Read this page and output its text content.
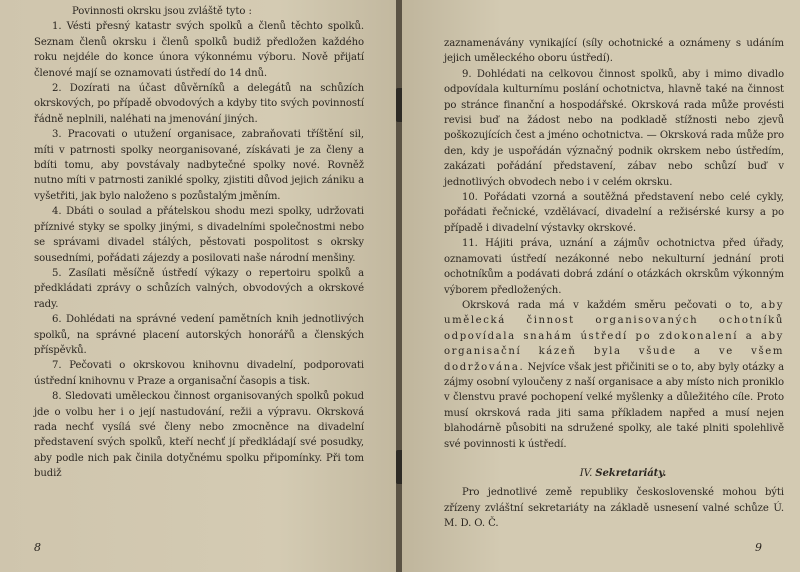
Povinnosti okrsku jsou zvláště tyto :

1. Vésti přesný katastr svých spolků a členů těchto spolků. Seznam členů okrsku i členů spolků budiž předložen každého roku nejdéle do konce února výkonnému výboru. Nově přijatí členové mají se oznamovati ústředí do 14 dnů.

2. Dozírati na účast důvěrníků a delegátů na schůzích okrskových, po případě obvodových a kdyby tito svých povinností řádně neplnili, naléhati na jmenování jiných.

3. Pracovati o utužení organisace, zabraňovati tříštění sil, míti v patrnosti spolky neorganisované, získávati je za členy a bdíti tomu, aby povstávaly nadbytečné spolky nové. Rovněž nutno míti v patrnosti zaniklé spolky, zjistiti důvod jejich zániku a vyšetřiti, jak bylo naloženo s pozůstalým jměním.

4. Dbáti o soulad a přátelskou shodu mezi spolky, udržovati příznivé styky se spolky jinými, s divadelními společnostmi nebo se správami divadel stálých, pěstovati pospolitost s okrsky sousedními, pořádati zájezdy a posilovati naše národní menšiny.

5. Zasílati měsíčně ústředí výkazy o repertoiru spolků a předkládati zprávy o schůzích valných, obvodových a okrskové rady.

6. Dohlédati na správné vedení pamětních knih jednotlivých spolků, na správné placení autorských honorářů a členských příspěvků.

7. Pečovati o okrskovou knihovnu divadelní, podporovati ústřední knihovnu v Praze a organisační časopis a tisk.

8. Sledovati uměleckou činnost organisovaných spolků pokud jde o volbu her i o její nastudování, režii a výpravu. Okrsková rada nechť vysílá své členy nebo zmocněnce na divadelní představení svých spolků, kteří nechť jí předkládají své posudky, aby podle nich pak činila dotyčnému spolku připomínky. Při tom budiž

8

zaznamenávány vynikající (síly ochotnické a oznámeny s udáním jejich uměleckého oboru ústředí).

9. Dohlédati na celkovou činnost spolků, aby i mimo divadlo odpovídala kulturnímu poslání ochotnictva, hlavně také na činnost po stránce finanční a hospodářské. Okrsková rada může provésti revisi buď na žádost nebo na podkladě stížnosti nebo zjevů poškozujících čest a jméno ochotnictva. — Okrsková rada může pro den, kdy je uspořádán význačný podnik okrskem nebo ústředím, zakázati pořádání představení, zábav nebo schůzí buď v jednotlivých obvodech nebo i v celém okrsku.

10. Pořádati vzorná a soutěžná představení nebo celé cykly, pořádati řečnické, vzdělávací, divadelní a režisérské kursy a po případě i divadelní výstavky okrskové.

11. Hájiti práva, uznání a zájmův ochotnictva před úřady, oznamovati ústředí nezákonné nebo nekulturní jednání proti ochotníkům a podávati dobrá zdání o otázkách okrskům výkonným výborem předložených.

Okrsková rada má v každém směru pečovati o to, aby umělecká činnost organisovaných ochotníků odpovídala snahám ústředí po zdokonalení a aby organisační kázeň byla všude a ve všem dodržována. Nejvíce však jest přičiniti se o to, aby byly otázky a zájmy osobní vyloučeny z naší organisace a aby místo nich proniklo v členstvu pravé pochopení velké myšlenky a důležitého cíle. Proto musí okrsková rada jiti sama příkladem napřed a musí nejen blahodárně působiti na sdružené spolky, ale také plniti spolehlivě své povinnosti k ústředí.

IV. Sekretariáty.

Pro jednotlivé země republiky československé mohou býti zřízeny zvláštní sekretariáty na základě usnesení valné schůze Ú. M. D. O. Č.

9
